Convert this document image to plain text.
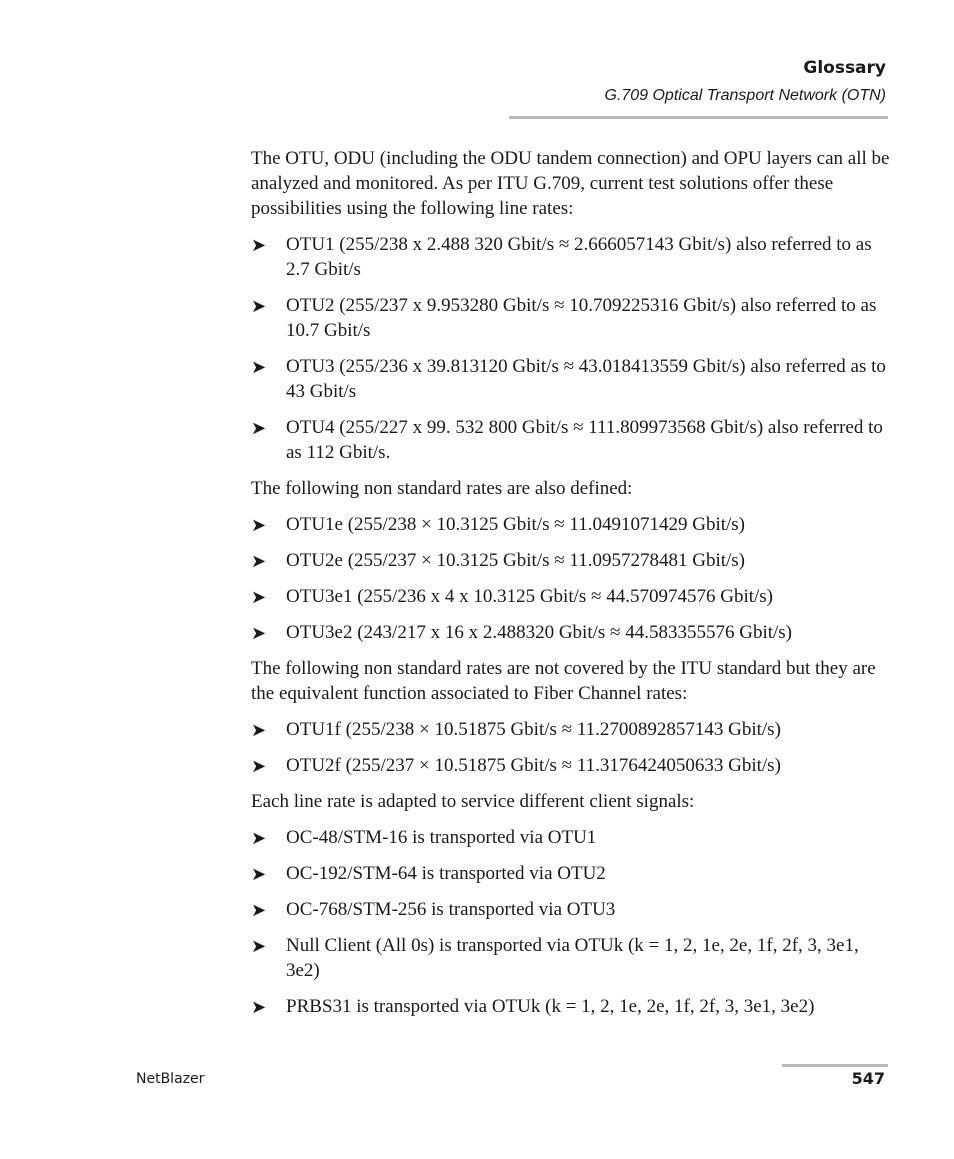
Glossary
G.709 Optical Transport Network (OTN)

The OTU, ODU (including the ODU tandem connection) and OPU layers can all be analyzed and monitored. As per ITU G.709, current test solutions offer these possibilities using the following line rates:

➤ OTU1 (255/238 x 2.488 320 Gbit/s ≈ 2.666057143 Gbit/s) also referred to as 2.7 Gbit/s
➤ OTU2 (255/237 x 9.953280 Gbit/s ≈ 10.709225316 Gbit/s) also referred to as 10.7 Gbit/s
➤ OTU3 (255/236 x 39.813120 Gbit/s ≈ 43.018413559 Gbit/s) also referred as to 43 Gbit/s
➤ OTU4 (255/227 x 99. 532 800 Gbit/s ≈ 111.809973568 Gbit/s) also referred to as 112 Gbit/s.

The following non standard rates are also defined:

➤ OTU1e (255/238 × 10.3125 Gbit/s ≈ 11.0491071429 Gbit/s)
➤ OTU2e (255/237 × 10.3125 Gbit/s ≈ 11.0957278481 Gbit/s)
➤ OTU3e1 (255/236 x 4 x 10.3125 Gbit/s ≈ 44.570974576 Gbit/s)
➤ OTU3e2 (243/217 x 16 x 2.488320 Gbit/s ≈ 44.583355576 Gbit/s)

The following non standard rates are not covered by the ITU standard but they are the equivalent function associated to Fiber Channel rates:

➤ OTU1f (255/238 × 10.51875 Gbit/s ≈ 11.2700892857143 Gbit/s)
➤ OTU2f (255/237 × 10.51875 Gbit/s ≈ 11.3176424050633 Gbit/s)

Each line rate is adapted to service different client signals:

➤ OC-48/STM-16 is transported via OTU1
➤ OC-192/STM-64 is transported via OTU2
➤ OC-768/STM-256 is transported via OTU3
➤ Null Client (All 0s) is transported via OTUk (k = 1, 2, 1e, 2e, 1f, 2f, 3, 3e1, 3e2)
➤ PRBS31 is transported via OTUk (k = 1, 2, 1e, 2e, 1f, 2f, 3, 3e1, 3e2)
NetBlazer	547
